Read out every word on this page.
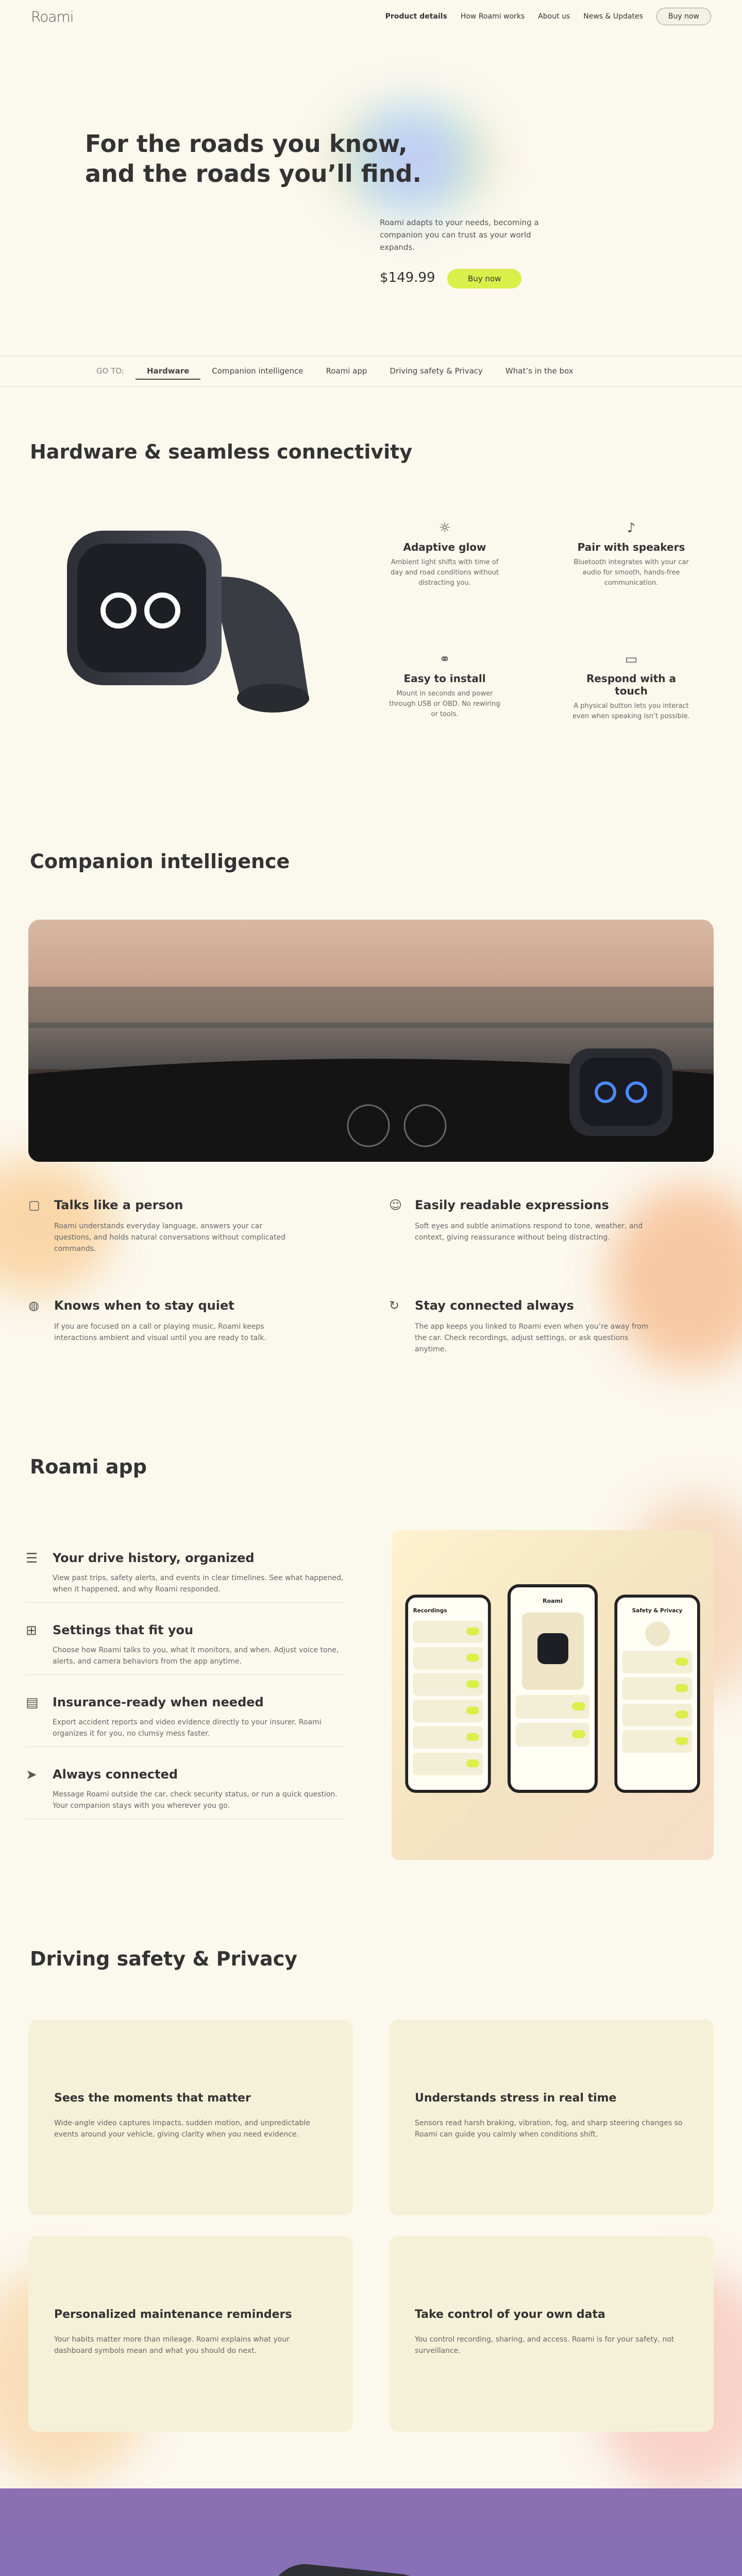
Roami	Product details How Roami works About us News & Updates	Buy now
For the roads you know,
and the roads you’ll find.
Roami adapts to your needs, becoming a companion you can trust as your world expands.
$149.99	Buy now
GO TO:	Hardware	Companion intelligence	Roami app	Driving safety & Privacy	What’s in the box
Hardware & seamless connectivity
☼
Adaptive glow
Ambient light shifts with time of day and road conditions without distracting you.
♪
Pair with speakers
Bluetooth integrates with your car audio for smooth, hands-free communication.
⚭
Easy to install
Mount in seconds and power through USB or OBD. No rewiring or tools.
▭
Respond with a touch
A physical button lets you interact even when speaking isn’t possible.
Companion intelligence
▢ Talks like a person
Roami understands everyday language, answers your car questions, and holds natural conversations without complicated commands.
☺ Easily readable expressions
Soft eyes and subtle animations respond to tone, weather, and context, giving reassurance without being distracting.
◍ Knows when to stay quiet
If you are focused on a call or playing music, Roami keeps interactions ambient and visual until you are ready to talk.
↻ Stay connected always
The app keeps you linked to Roami even when you’re away from the car. Check recordings, adjust settings, or ask questions anytime.
Roami app
☰ Your drive history, organized
View past trips, safety alerts, and events in clear timelines. See what happened, when it happened, and why Roami responded.
⊞ Settings that fit you
Choose how Roami talks to you, what it monitors, and when. Adjust voice tone, alerts, and camera behaviors from the app anytime.
▤ Insurance-ready when needed
Export accident reports and video evidence directly to your insurer. Roami organizes it for you, no clumsy mess faster.
➤ Always connected
Message Roami outside the car, check security status, or run a quick question. Your companion stays with you wherever you go.
Recordings
Roami
Safety & Privacy
Driving safety & Privacy
Sees the moments that matter
Wide-angle video captures impacts, sudden motion, and unpredictable events around your vehicle, giving clarity when you need evidence.
Understands stress in real time
Sensors read harsh braking, vibration, fog, and sharp steering changes so Roami can guide you calmly when conditions shift.
Personalized maintenance reminders
Your habits matter more than mileage. Roami explains what your dashboard symbols mean and what you should do next.
Take control of your own data
You control recording, sharing, and access. Roami is for your safety, not surveillance.
